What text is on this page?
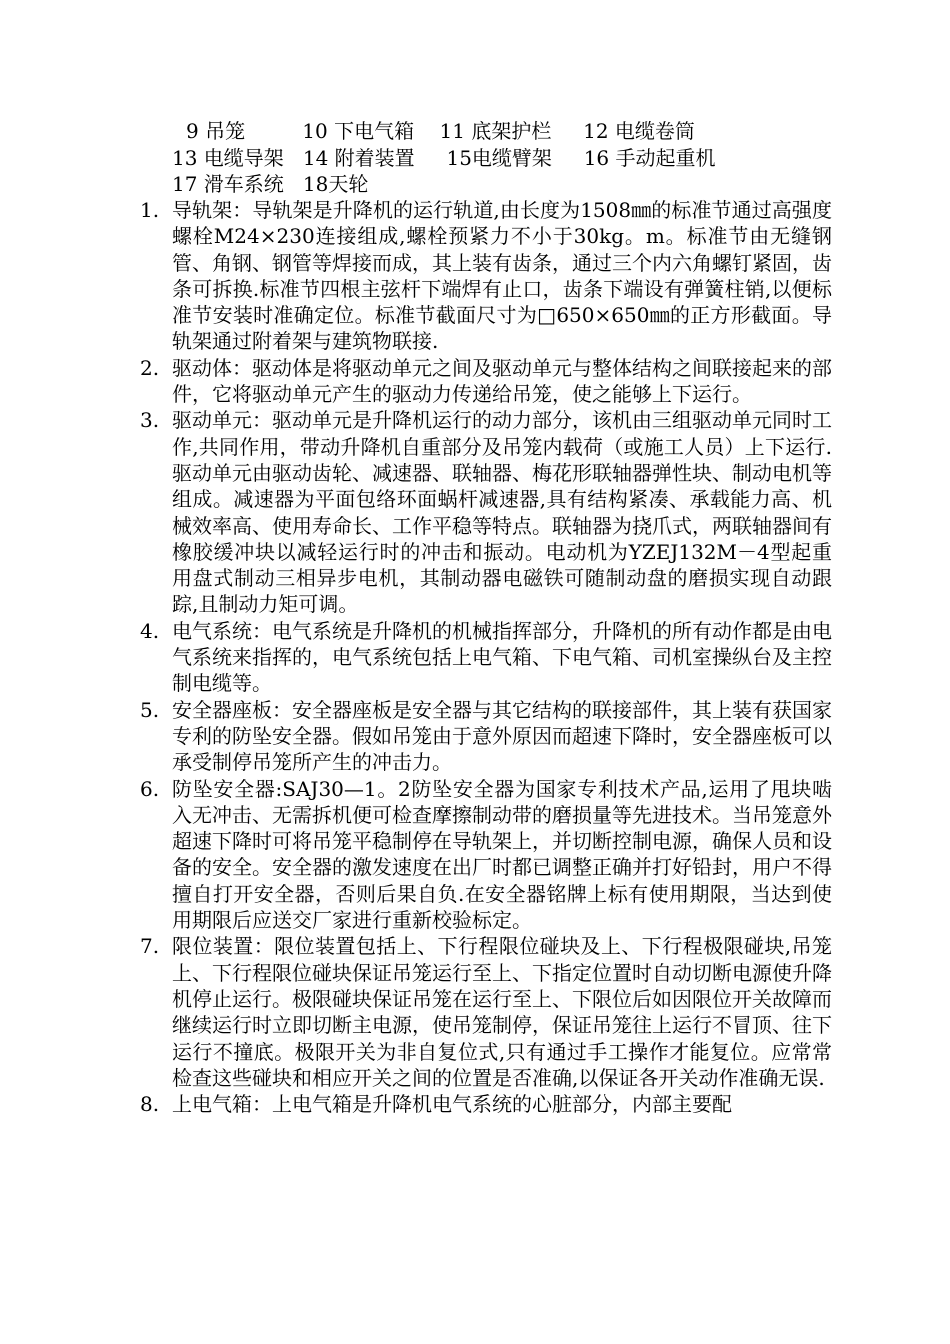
9 吊笼         10 下电气箱    11 底架护栏     12 电缆卷筒
13 电缆导架   14 附着装置     15电缆臂架     16 手动起重机
17 滑车系统   18天轮
1. 导轨架：导轨架是升降机的运行轨道,由长度为1508㎜的标准节通过高强度螺栓M24×230连接组成,螺栓预紧力不小于30kg。m。标准节由无缝钢管、角钢、钢管等焊接而成，其上装有齿条，通过三个内六角螺钉紧固，齿条可拆换.标准节四根主弦杆下端焊有止口，齿条下端设有弹簧柱销,以便标准节安装时准确定位。标准节截面尺寸为□650×650㎜的正方形截面。导轨架通过附着架与建筑物联接.
2. 驱动体：驱动体是将驱动单元之间及驱动单元与整体结构之间联接起来的部件，它将驱动单元产生的驱动力传递给吊笼，使之能够上下运行。
3. 驱动单元：驱动单元是升降机运行的动力部分，该机由三组驱动单元同时工作,共同作用，带动升降机自重部分及吊笼内载荷（或施工人员）上下运行.驱动单元由驱动齿轮、减速器、联轴器、梅花形联轴器弹性块、制动电机等组成。减速器为平面包络环面蜗杆减速器,具有结构紧凑、承载能力高、机械效率高、使用寿命长、工作平稳等特点。联轴器为挠爪式，两联轴器间有橡胶缓冲块以减轻运行时的冲击和振动。电动机为YZEJ132M－4型起重用盘式制动三相异步电机，其制动器电磁铁可随制动盘的磨损实现自动跟踪,且制动力矩可调。
4. 电气系统：电气系统是升降机的机械指挥部分，升降机的所有动作都是由电气系统来指挥的，电气系统包括上电气箱、下电气箱、司机室操纵台及主控制电缆等。
5. 安全器座板：安全器座板是安全器与其它结构的联接部件，其上装有获国家专利的防坠安全器。假如吊笼由于意外原因而超速下降时，安全器座板可以承受制停吊笼所产生的冲击力。
6. 防坠安全器:SAJ30—1。2防坠安全器为国家专利技术产品,运用了甩块啮入无冲击、无需拆机便可检查摩擦制动带的磨损量等先进技术。当吊笼意外超速下降时可将吊笼平稳制停在导轨架上，并切断控制电源，确保人员和设备的安全。安全器的激发速度在出厂时都已调整正确并打好铅封，用户不得擅自打开安全器，否则后果自负.在安全器铭牌上标有使用期限，当达到使用期限后应送交厂家进行重新校验标定。
7. 限位装置：限位装置包括上、下行程限位碰块及上、下行程极限碰块,吊笼上、下行程限位碰块保证吊笼运行至上、下指定位置时自动切断电源使升降机停止运行。极限碰块保证吊笼在运行至上、下限位后如因限位开关故障而继续运行时立即切断主电源，使吊笼制停，保证吊笼往上运行不冒顶、往下运行不撞底。极限开关为非自复位式,只有通过手工操作才能复位。应常常检查这些碰块和相应开关之间的位置是否准确,以保证各开关动作准确无误.
8. 上电气箱：上电气箱是升降机电气系统的心脏部分，内部主要配
